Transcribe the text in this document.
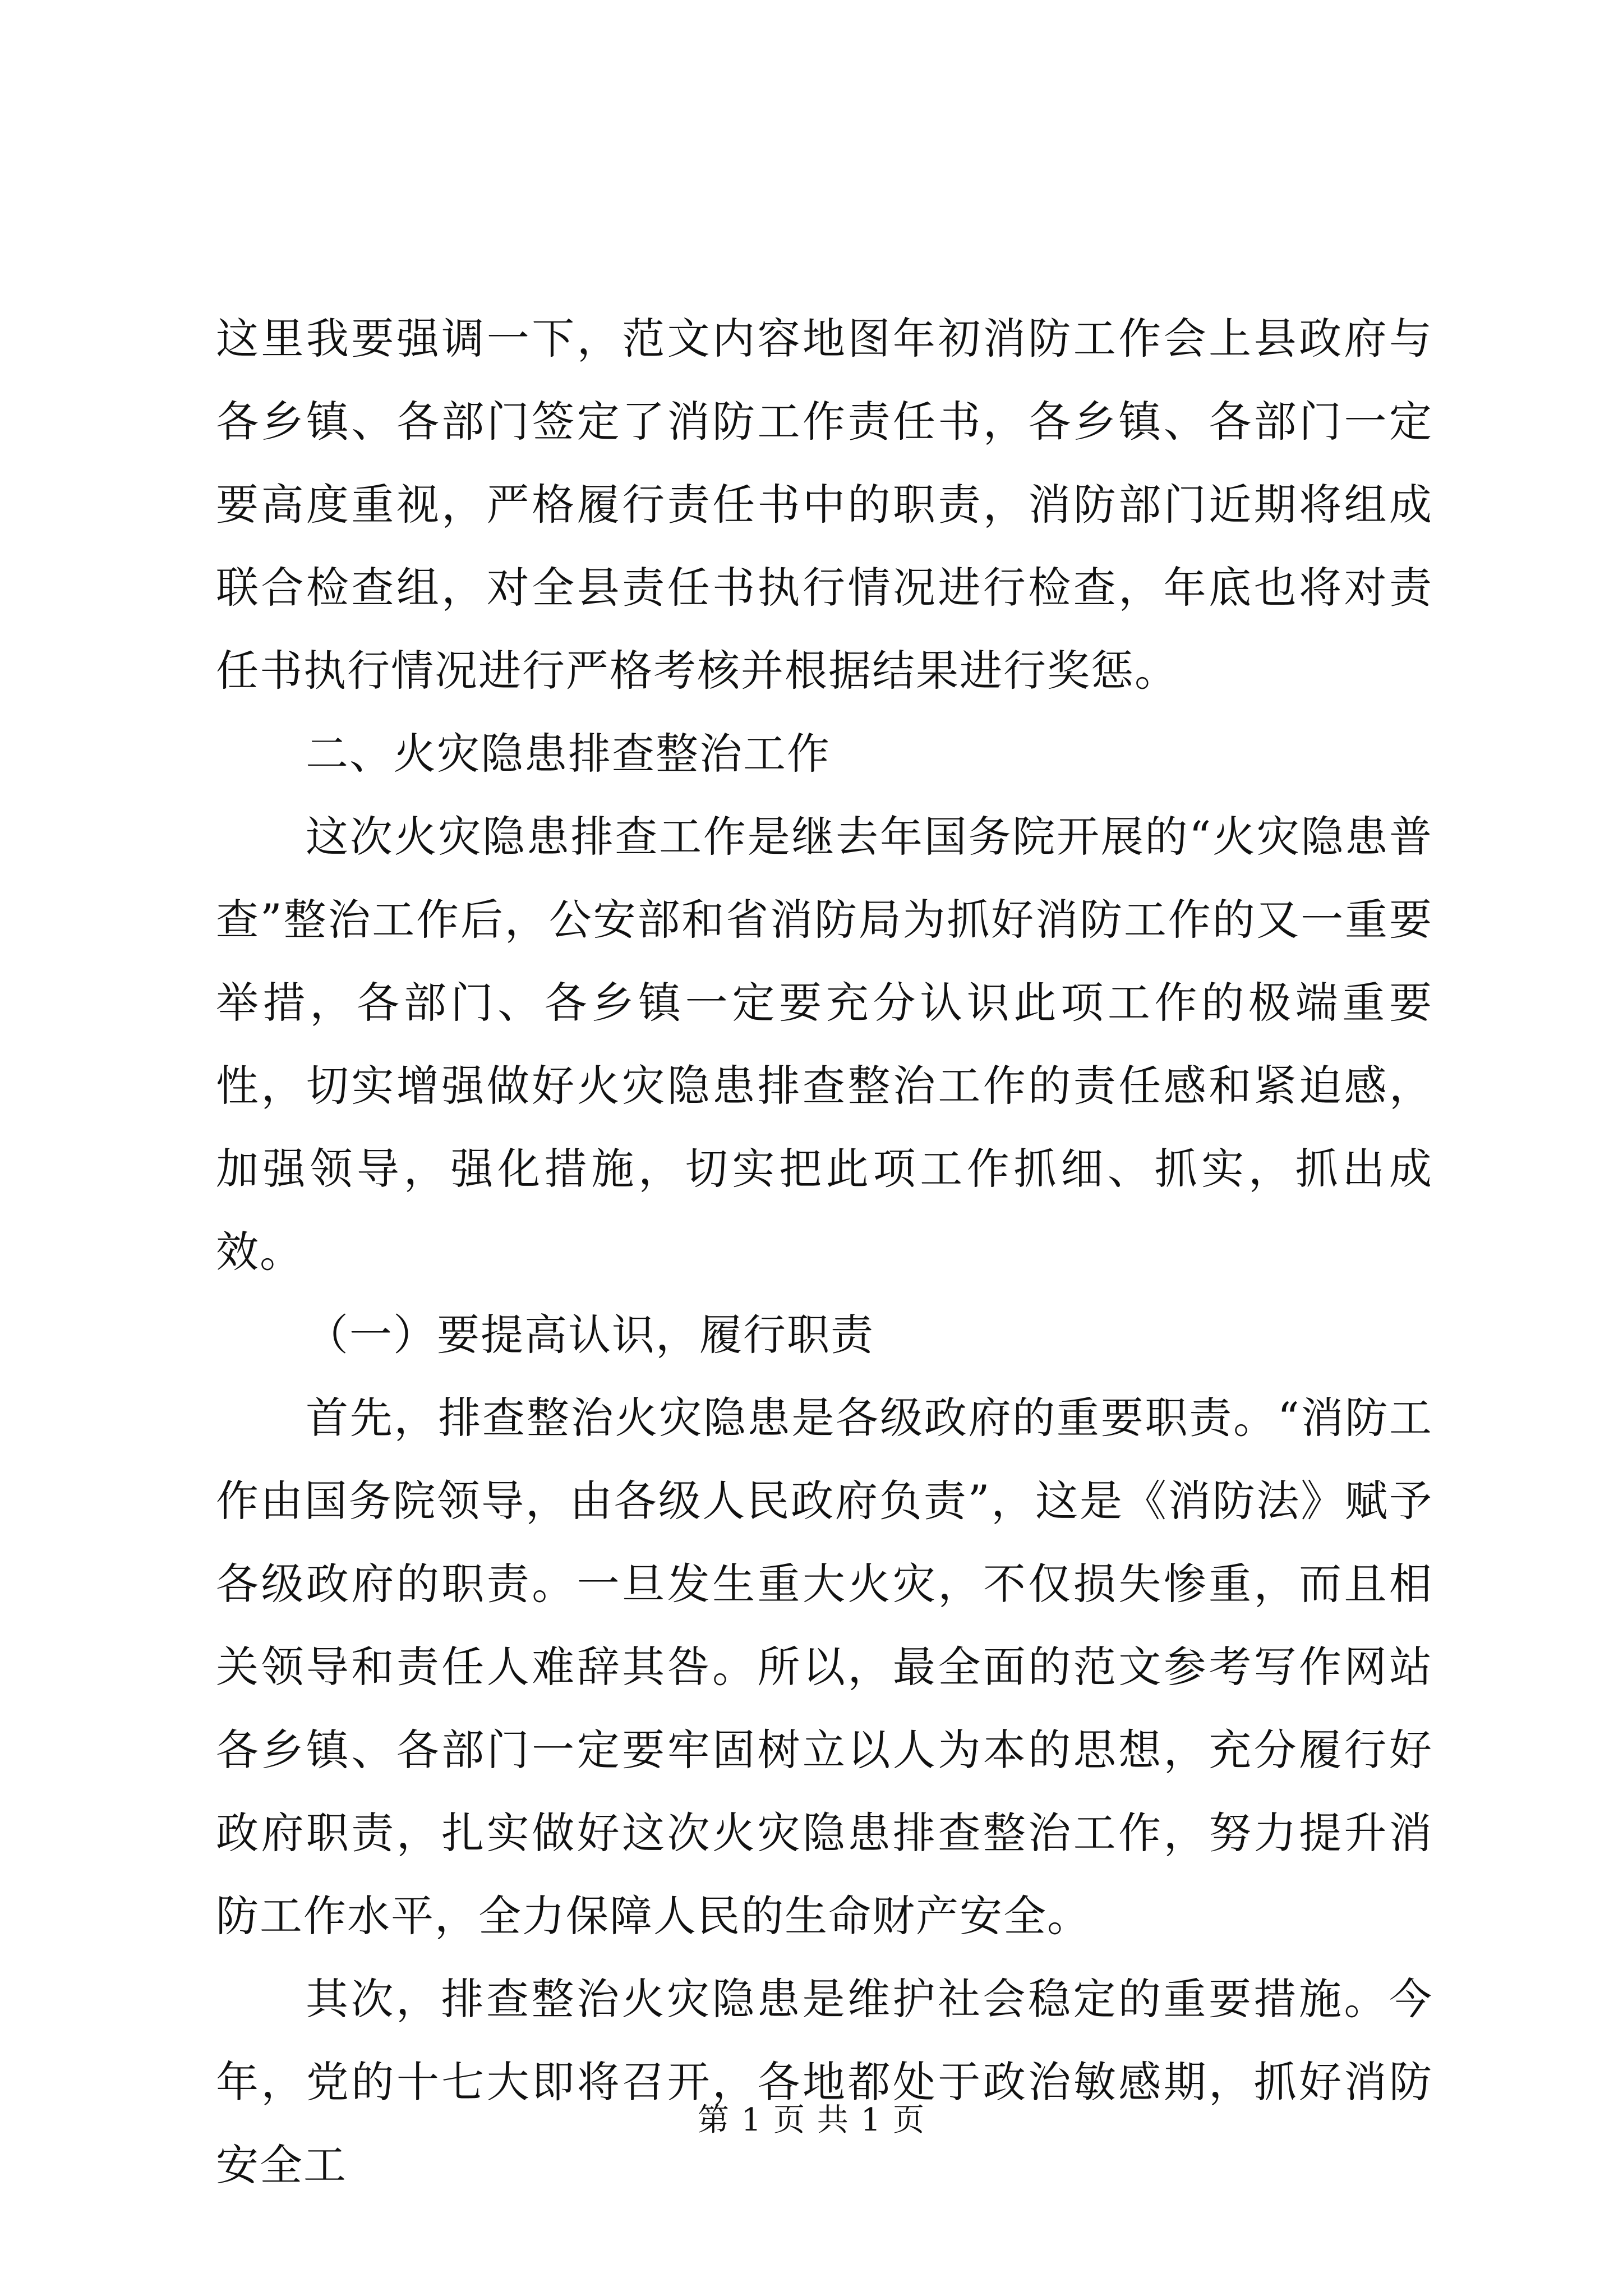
这里我要强调一下，范文内容地图年初消防工作会上县政府与各乡镇、各部门签定了消防工作责任书，各乡镇、各部门一定要高度重视，严格履行责任书中的职责，消防部门近期将组成联合检查组，对全县责任书执行情况进行检查，年底也将对责任书执行情况进行严格考核并根据结果进行奖惩。

二、火灾隐患排查整治工作

这次火灾隐患排查工作是继去年国务院开展的“火灾隐患普查”整治工作后，公安部和省消防局为抓好消防工作的又一重要举措，各部门、各乡镇一定要充分认识此项工作的极端重要性，切实增强做好火灾隐患排查整治工作的责任感和紧迫感，加强领导，强化措施，切实把此项工作抓细、抓实，抓出成效。

（一）要提高认识，履行职责

首先，排查整治火灾隐患是各级政府的重要职责。“消防工作由国务院领导，由各级人民政府负责”，这是《消防法》赋予各级政府的职责。一旦发生重大火灾，不仅损失惨重，而且相关领导和责任人难辞其咎。所以，最全面的范文参考写作网站各乡镇、各部门一定要牢固树立以人为本的思想，充分履行好政府职责，扎实做好这次火灾隐患排查整治工作，努力提升消防工作水平，全力保障人民的生命财产安全。

其次，排查整治火灾隐患是维护社会稳定的重要措施。今年，党的十七大即将召开，各地都处于政治敏感期，抓好消防安全工

第 1 页 共 1 页
